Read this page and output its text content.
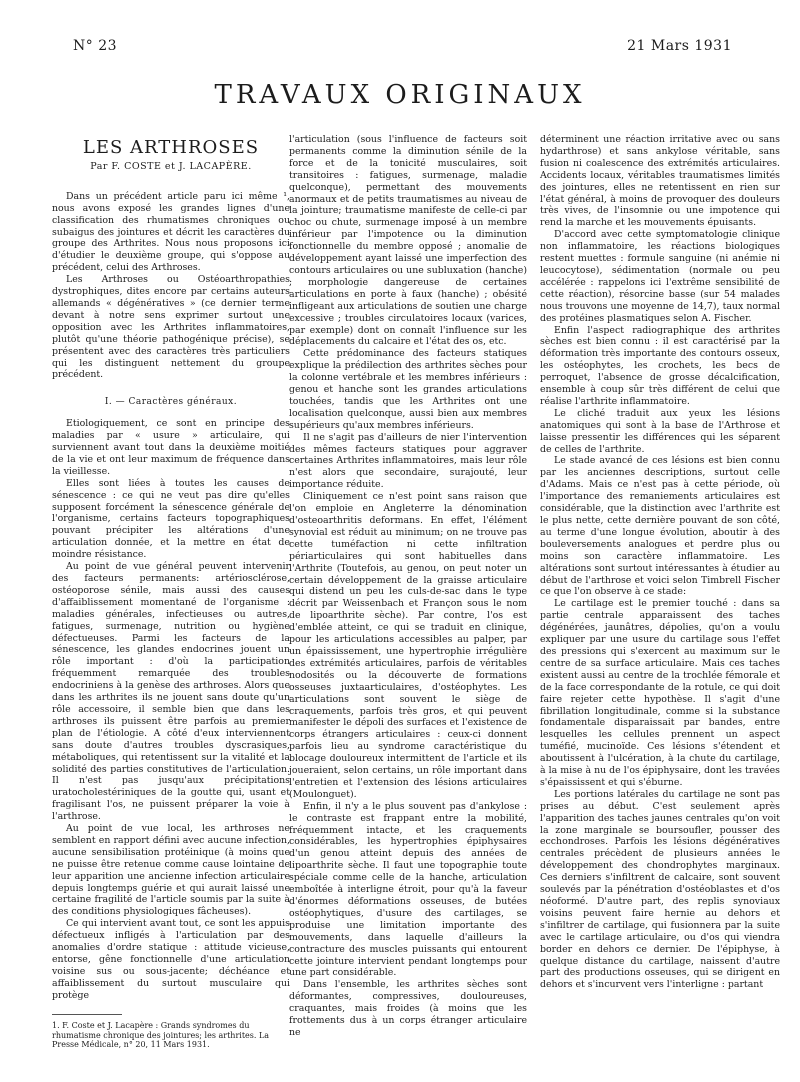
N° 23	21 Mars 1931
TRAVAUX ORIGINAUX
LES ARTHROSES
Par F. COSTE et J. LACAPÈRE.

Dans un précédent article paru ici même ¹, nous avons exposé les grandes lignes d'une classification des rhumatismes chroniques ou subaigus des jointures et décrit les caractères du groupe des Arthrites. Nous nous proposons ici d'étudier le deuxième groupe, qui s'oppose au précédent, celui des Arthroses.

Les Arthroses ou Ostéoarthropathies dystrophiques, dites encore par certains auteurs allemands « dégénératives » (ce dernier terme devant à notre sens exprimer surtout une opposition avec les Arthrites inflammatoires, plutôt qu'une théorie pathogénique précise), se présentent avec des caractères très particuliers qui les distinguent nettement du groupe précédent.

I. — Caractères généraux.

Etiologiquement, ce sont en principe des maladies par « usure » articulaire, qui surviennent avant tout dans la deuxième moitié de la vie et ont leur maximum de fréquence dans la vieillesse.

Elles sont liées à toutes les causes de sénescence : ce qui ne veut pas dire qu'elles supposent forcément la sénescence générale de l'organisme, certains facteurs topographiques pouvant précipiter les altérations d'une articulation donnée, et la mettre en état de moindre résistance.

Au point de vue général peuvent intervenir des facteurs permanents: artériosclérose, ostéoporose sénile, mais aussi des causes d'affaiblissement momentané de l'organisme : maladies générales, infectieuses ou autres, fatigues, surmenage, nutrition ou hygiène défectueuses. Parmi les facteurs de la sénescence, les glandes endocrines jouent un rôle important : d'où la participation fréquemment remarquée des troubles endocriniens à la genèse des arthroses. Alors que dans les arthrites ils ne jouent sans doute qu'un rôle accessoire, il semble bien que dans les arthroses ils puissent être parfois au premier plan de l'étiologie. A côté d'eux interviennent sans doute d'autres troubles dyscrasiques, métaboliques, qui retentissent sur la vitalité et la solidité des parties constitutives de l'articulation. Il n'est pas jusqu'aux précipitations uratocholestériniques de la goutte qui, usant et fragilisant l'os, ne puissent préparer la voie à l'arthrose.

Au point de vue local, les arthroses ne semblent en rapport défini avec aucune infection, aucune sensibilisation protéinique (à moins que ne puisse être retenue comme cause lointaine de leur apparition une ancienne infection articulaire depuis longtemps guérie et qui aurait laissé une certaine fragilité de l'article soumis par la suite à des conditions physiologiques fâcheuses).

Ce qui intervient avant tout, ce sont les appuis défectueux infligés à l'articulation par des anomalies d'ordre statique : attitude vicieuse, entorse, gêne fonctionnelle d'une articulation voisine sus ou sous-jacente; déchéance et affaiblissement du surtout musculaire qui protège

l'articulation (sous l'influence de facteurs soit permanents comme la diminution sénile de la force et de la tonicité musculaires, soit transitoires : fatigues, surmenage, maladie quelconque), permettant des mouvements anormaux et de petits traumatismes au niveau de la jointure; traumatisme manifeste de celle-ci par choc ou chute, surmenage imposé à un membre inférieur par l'impotence ou la diminution fonctionnelle du membre opposé ; anomalie de développement ayant laissé une imperfection des contours articulaires ou une subluxation (hanche) ; morphologie dangereuse de certaines articulations en porte à faux (hanche) ; obésité infligeant aux articulations de soutien une charge excessive ; troubles circulatoires locaux (varices, par exemple) dont on connaît l'influence sur les déplacements du calcaire et l'état des os, etc.

Cette prédominance des facteurs statiques explique la prédilection des arthrites sèches pour la colonne vertébrale et les membres inférieurs : genou et hanche sont les grandes articulations touchées, tandis que les Arthrites ont une localisation quelconque, aussi bien aux membres supérieurs qu'aux membres inférieurs.

Il ne s'agit pas d'ailleurs de nier l'intervention des mêmes facteurs statiques pour aggraver certaines Arthrites inflammatoires, mais leur rôle n'est alors que secondaire, surajouté, leur importance réduite.

Cliniquement ce n'est point sans raison que l'on emploie en Angleterre la dénomination d'osteoarthritis deformans. En effet, l'élément synovial est réduit au minimum; on ne trouve pas cette tuméfaction ni cette infiltration périarticulaires qui sont habituelles dans l'Arthrite (Toutefois, au genou, on peut noter un certain développement de la graisse articulaire qui distend un peu les culs-de-sac dans le type décrit par Weissenbach et Françon sous le nom de lipoarthrite sèche). Par contre, l'os est d'emblée atteint, ce qui se traduit en clinique, pour les articulations accessibles au palper, par un épaississement, une hypertrophie irrégulière des extrémités articulaires, parfois de véritables nodosités ou la découverte de formations osseuses juxtaarticulaires, d'ostéophytes. Les articulations sont souvent le siège de craquements, parfois très gros, et qui peuvent manifester le dépoli des surfaces et l'existence de corps étrangers articulaires : ceux-ci donnent parfois lieu au syndrome caractéristique du blocage douloureux intermittent de l'article et ils joueraient, selon certains, un rôle important dans l'entretien et l'extension des lésions articulaires (Moulonguet).

Enfin, il n'y a le plus souvent pas d'ankylose : le contraste est frappant entre la mobilité, fréquemment intacte, et les craquements considérables, les hypertrophies épiphysaires d'un genou atteint depuis des années de lipoarthrite sèche. Il faut une topographie toute spéciale comme celle de la hanche, articulation emboîtée à interligne étroit, pour qu'à la faveur d'énormes déformations osseuses, de butées ostéophytiques, d'usure des cartilages, se produise une limitation importante des mouvements, dans laquelle d'ailleurs la contracture des muscles puissants qui entourent cette jointure intervient pendant longtemps pour une part considérable.

Dans l'ensemble, les arthrites sèches sont déformantes, compressives, douloureuses, craquantes, mais froides (à moins que les frottements dus à un corps étranger articulaire ne

déterminent une réaction irritative avec ou sans hydarthrose) et sans ankylose véritable, sans fusion ni coalescence des extrémités articulaires. Accidents locaux, véritables traumatismes limités des jointures, elles ne retentissent en rien sur l'état général, à moins de provoquer des douleurs très vives, de l'insomnie ou une impotence qui rend la marche et les mouvements épuisants.

D'accord avec cette symptomatologie clinique non inflammatoire, les réactions biologiques restent muettes : formule sanguine (ni anémie ni leucocytose), sédimentation (normale ou peu accélérée : rappelons ici l'extrême sensibilité de cette réaction), résorcine basse (sur 54 malades nous trouvons une moyenne de 14,7), taux normal des protéines plasmatiques selon A. Fischer.

Enfin l'aspect radiographique des arthrites sèches est bien connu : il est caractérisé par la déformation très importante des contours osseux, les ostéophytes, les crochets, les becs de perroquet, l'absence de grosse décalcification, ensemble à coup sûr très différent de celui que réalise l'arthrite inflammatoire.

Le cliché traduit aux yeux les lésions anatomiques qui sont à la base de l'Arthrose et laisse pressentir les différences qui les séparent de celles de l'arthrite.

Le stade avancé de ces lésions est bien connu par les anciennes descriptions, surtout celle d'Adams. Mais ce n'est pas à cette période, où l'importance des remaniements articulaires est considérable, que la distinction avec l'arthrite est le plus nette, cette dernière pouvant de son côté, au terme d'une longue évolution, aboutir à des bouleversements analogues et perdre plus ou moins son caractère inflammatoire. Les altérations sont surtout intéressantes à étudier au début de l'arthrose et voici selon Timbrell Fischer ce que l'on observe à ce stade:

Le cartilage est le premier touché : dans sa partie centrale apparaissent des taches dégénérées, jaunâtres, dépolies, qu'on a voulu expliquer par une usure du cartilage sous l'effet des pressions qui s'exercent au maximum sur le centre de sa surface articulaire. Mais ces taches existent aussi au centre de la trochlée fémorale et de la face correspondante de la rotule, ce qui doit faire rejeter cette hypothèse. Il s'agit d'une fibrillation longitudinale, comme si la substance fondamentale disparaissait par bandes, entre lesquelles les cellules prennent un aspect tuméfié, mucinoïde. Ces lésions s'étendent et aboutissent à l'ulcération, à la chute du cartilage, à la mise à nu de l'os épiphysaire, dont les travées s'épaississent et qui s'éburne.

Les portions latérales du cartilage ne sont pas prises au début. C'est seulement après l'apparition des taches jaunes centrales qu'on voit la zone marginale se boursoufler, pousser des ecchondroses. Parfois les lésions dégénératives centrales précèdent de plusieurs années le développement des chondrophytes marginaux. Ces derniers s'infiltrent de calcaire, sont souvent soulevés par la pénétration d'ostéoblastes et d'os néoformé. D'autre part, des replis synoviaux voisins peuvent faire hernie au dehors et s'infiltrer de cartilage, qui fusionnera par la suite avec le cartilage articulaire, ou d'os qui viendra border en dehors ce dernier. De l'épiphyse, à quelque distance du cartilage, naissent d'autre part des productions osseuses, qui se dirigent en dehors et s'incurvent vers l'interligne : partant

1. F. Coste et J. Lacapère : Grands syndromes du rhumatisme chronique des jointures; les arthrites. La Presse Médicale, n° 20, 11 Mars 1931.
